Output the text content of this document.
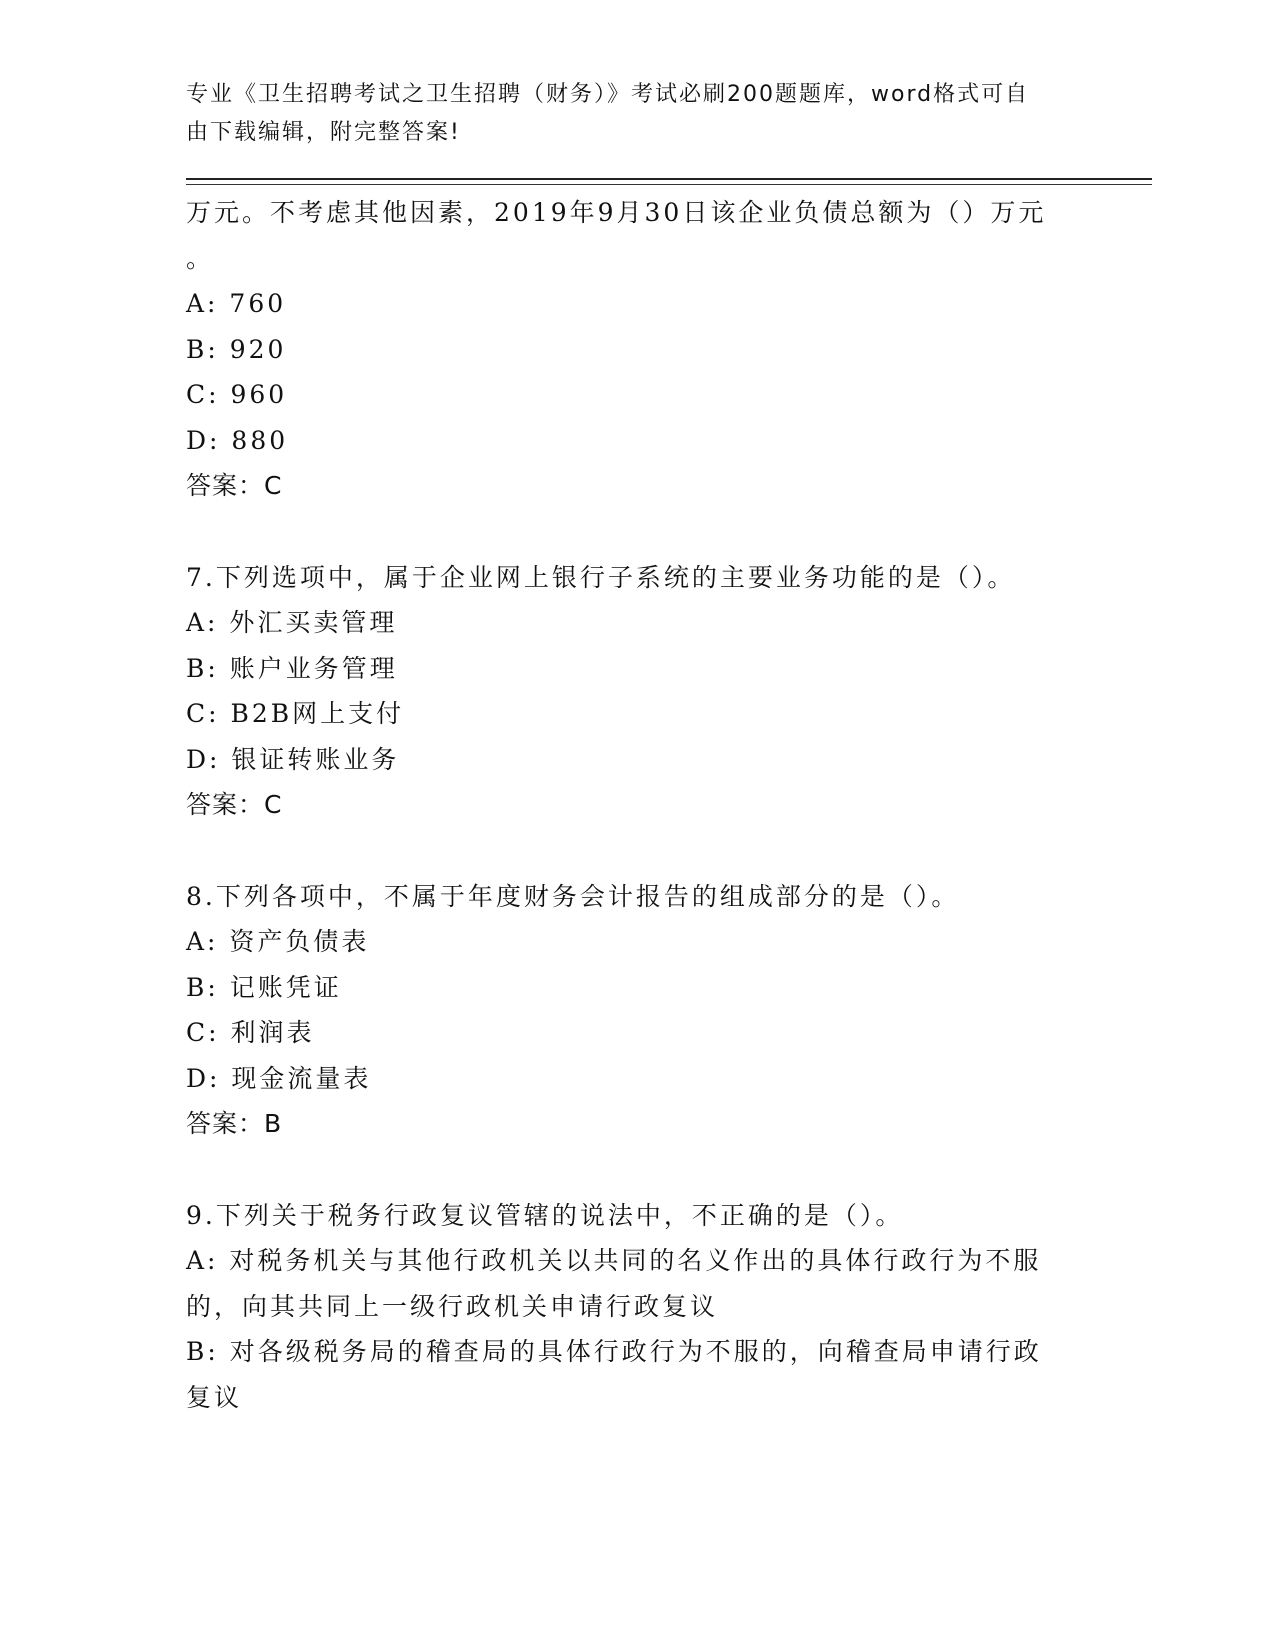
专业《卫生招聘考试之卫生招聘（财务）》考试必刷200题题库，word格式可自
由下载编辑，附完整答案!
万元。不考虑其他因素，2019年9月30日该企业负债总额为（）万元
。
A: 760
B: 920
C: 960
D: 880
答案：C
7.下列选项中，属于企业网上银行子系统的主要业务功能的是（）。
A: 外汇买卖管理
B: 账户业务管理
C: B2B网上支付
D: 银证转账业务
答案：C
8.下列各项中，不属于年度财务会计报告的组成部分的是（）。
A: 资产负债表
B: 记账凭证
C: 利润表
D: 现金流量表
答案：B
9.下列关于税务行政复议管辖的说法中，不正确的是（）。
A: 对税务机关与其他行政机关以共同的名义作出的具体行政行为不服
的，向其共同上一级行政机关申请行政复议
B: 对各级税务局的稽查局的具体行政行为不服的，向稽查局申请行政
复议
